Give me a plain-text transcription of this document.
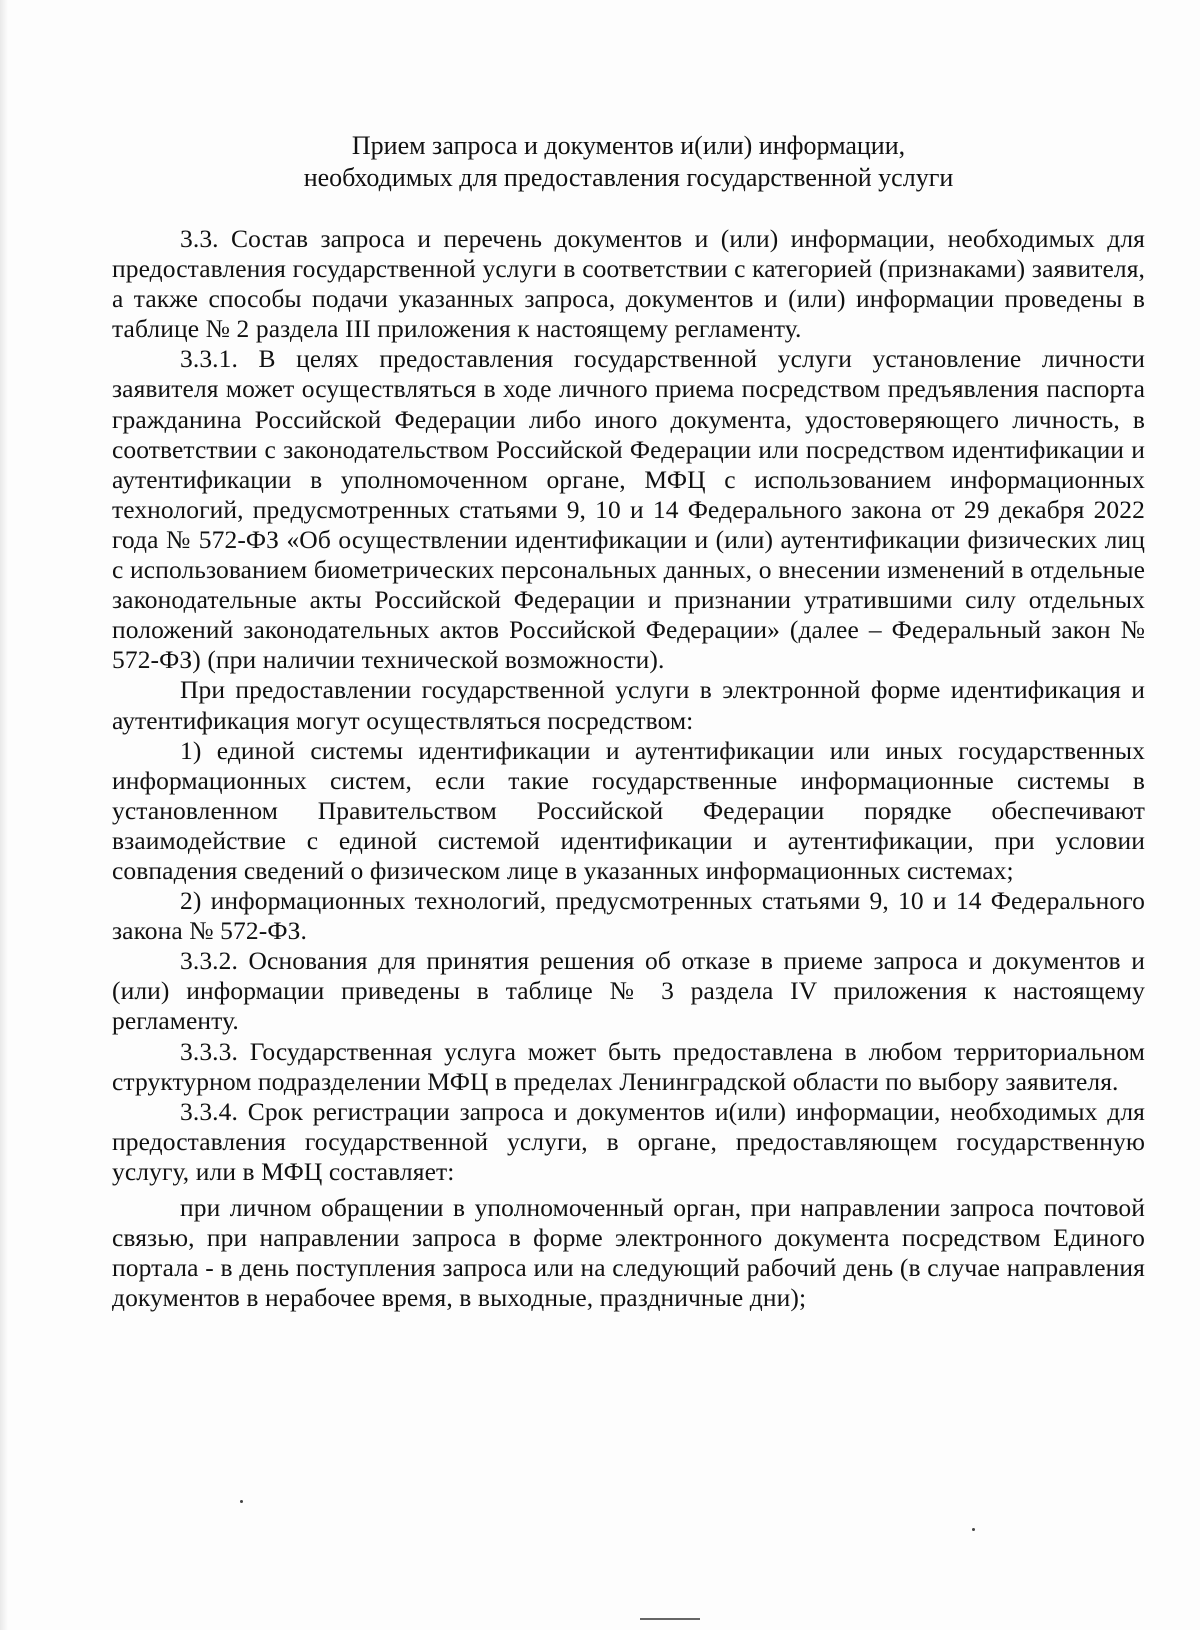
Прием запроса и документов и(или) информации,
необходимых для предоставления государственной услуги

3.3. Состав запроса и перечень документов и (или) информации, необходимых для предоставления государственной услуги в соответствии с категорией (признаками) заявителя, а также способы подачи указанных запроса, документов и (или) информации проведены в таблице № 2 раздела III приложения к настоящему регламенту.

3.3.1. В целях предоставления государственной услуги установление личности заявителя может осуществляться в ходе личного приема посредством предъявления паспорта гражданина Российской Федерации либо иного документа, удостоверяющего личность, в соответствии с законодательством Российской Федерации или посредством идентификации и аутентификации в уполномоченном органе, МФЦ с использованием информационных технологий, предусмотренных статьями 9, 10 и 14 Федерального закона от 29 декабря 2022 года № 572-ФЗ «Об осуществлении идентификации и (или) аутентификации физических лиц с использованием биометрических персональных данных, о внесении изменений в отдельные законодательные акты Российской Федерации и признании утратившими силу отдельных положений законодательных актов Российской Федерации» (далее – Федеральный закон № 572-ФЗ) (при наличии технической возможности).

При предоставлении государственной услуги в электронной форме идентификация и аутентификация могут осуществляться посредством:

1) единой системы идентификации и аутентификации или иных государственных информационных систем, если такие государственные информационные системы в установленном Правительством Российской Федерации порядке обеспечивают взаимодействие с единой системой идентификации и аутентификации, при условии совпадения сведений о физическом лице в указанных информационных системах;

2) информационных технологий, предусмотренных статьями 9, 10 и 14 Федерального закона № 572-ФЗ.

3.3.2. Основания для принятия решения об отказе в приеме запроса и документов и (или) информации приведены в таблице № 3 раздела IV приложения к настоящему регламенту.

3.3.3. Государственная услуга может быть предоставлена в любом территориальном структурном подразделении МФЦ в пределах Ленинградской области по выбору заявителя.

3.3.4. Срок регистрации запроса и документов и(или) информации, необходимых для предоставления государственной услуги, в органе, предоставляющем государственную услугу, или в МФЦ составляет:

при личном обращении в уполномоченный орган, при направлении запроса почтовой связью, при направлении запроса в форме электронного документа посредством Единого портала - в день поступления запроса или на следующий рабочий день (в случае направления документов в нерабочее время, в выходные, праздничные дни);
